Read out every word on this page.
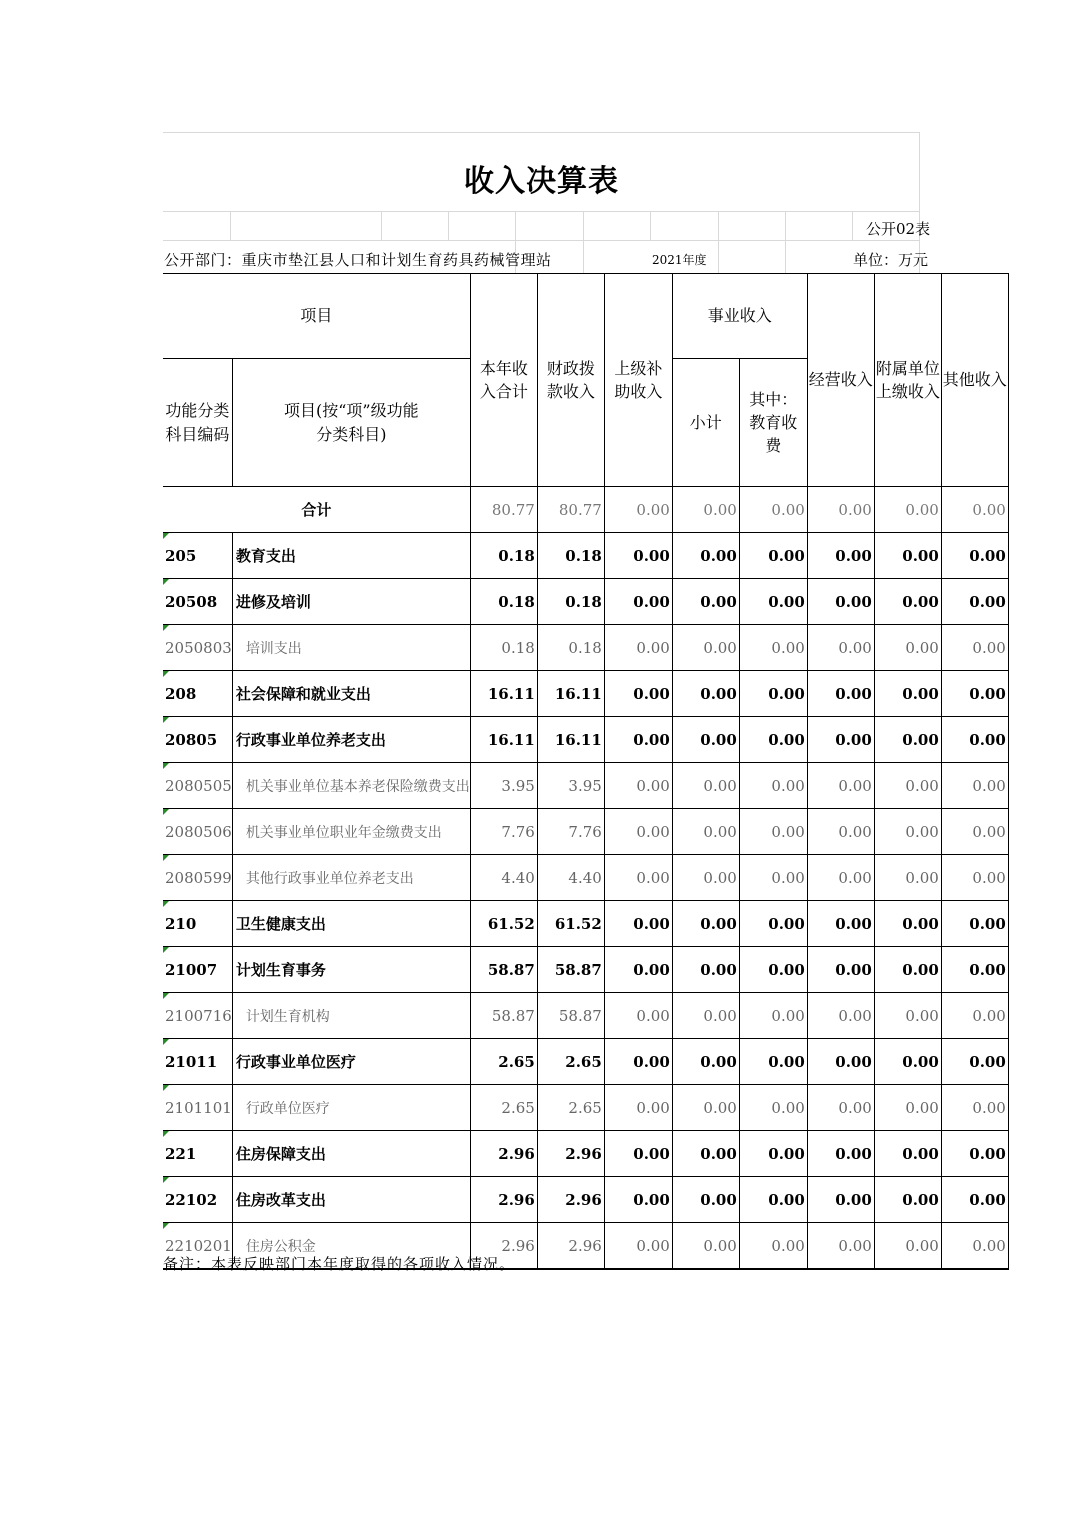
收入决算表
公开02表
公开部门：重庆市垫江县人口和计划生育药具药械管理站	2021年度	单位：万元
项目		本年收入合计	财政拨款收入	上级补助收入	事业收入		经营收入	附属单位上缴收入	其他收入

功能分类科目编码	项目(按“项”级功能分类科目)				小计	其中：教育收费			

合计		80.77	80.77	0.00	0.00	0.00	0.00	0.00	0.00
205	教育支出	0.18	0.18	0.00	0.00	0.00	0.00	0.00	0.00
20508	进修及培训	0.18	0.18	0.00	0.00	0.00	0.00	0.00	0.00
2050803	培训支出	0.18	0.18	0.00	0.00	0.00	0.00	0.00	0.00
208	社会保障和就业支出	16.11	16.11	0.00	0.00	0.00	0.00	0.00	0.00
20805	行政事业单位养老支出	16.11	16.11	0.00	0.00	0.00	0.00	0.00	0.00
2080505	机关事业单位基本养老保险缴费支出	3.95	3.95	0.00	0.00	0.00	0.00	0.00	0.00
2080506	机关事业单位职业年金缴费支出	7.76	7.76	0.00	0.00	0.00	0.00	0.00	0.00
2080599	其他行政事业单位养老支出	4.40	4.40	0.00	0.00	0.00	0.00	0.00	0.00
210	卫生健康支出	61.52	61.52	0.00	0.00	0.00	0.00	0.00	0.00
21007	计划生育事务	58.87	58.87	0.00	0.00	0.00	0.00	0.00	0.00
2100716	计划生育机构	58.87	58.87	0.00	0.00	0.00	0.00	0.00	0.00
21011	行政事业单位医疗	2.65	2.65	0.00	0.00	0.00	0.00	0.00	0.00
2101101	行政单位医疗	2.65	2.65	0.00	0.00	0.00	0.00	0.00	0.00
221	住房保障支出	2.96	2.96	0.00	0.00	0.00	0.00	0.00	0.00
22102	住房改革支出	2.96	2.96	0.00	0.00	0.00	0.00	0.00	0.00
2210201	住房公积金	2.96	2.96	0.00	0.00	0.00	0.00	0.00	0.00
备注：本表反映部门本年度取得的各项收入情况。
